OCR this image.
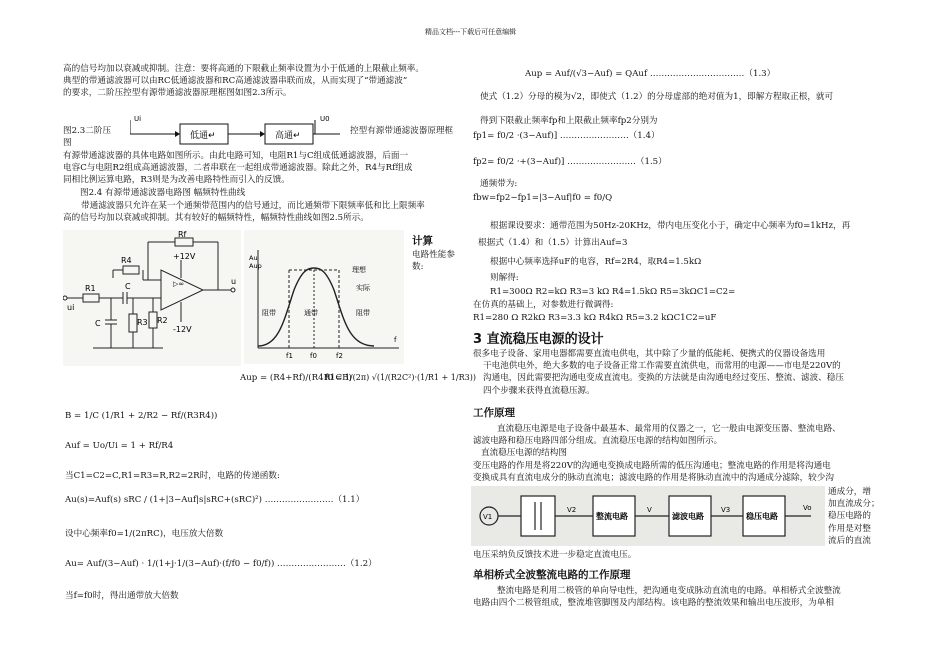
精品文档---下载后可任意编辑
高的信号均加以衰减或抑制。注意：要将高通的下限截止频率设置为小于低通的上限截止频率。
典型的带通滤波器可以由RC低通滤波器和RC高通滤波器串联而成，从而实现了“带通滤波”
的要求，二阶压控型有源带通滤波器原理框图如图2.3所示。
Ui
低通↵	高通↵
U0
图2.3二阶压
图
控型有源带通滤波器原理框
有源带通滤波器的具体电路如图所示。由此电路可知，电阻R1与C组成低通滤波器，后面一
电容C与电阻R2组成高通滤波器，二者串联在一起组成带通滤波器。除此之外，R4与Rf组成
同相比例运算电路，R3则是为改善电路特性而引入的反馈。
图2.4 有源带通滤波器电路图 幅频特性曲线
带通滤波器只允许在某一个通频带范围内的信号通过，而比通频带下限频率低和比上限频率
高的信号均加以衰减或抑制。其有较好的幅频特性，幅频特性曲线如图2.5所示。
Rf
+12V
-12V
R4
R1	C
C	R3 R2
ui
u
▷∞
Au
Aup	理想
实际
阻带	通带	阻带
f1 f0	f2
f
计算
电路性能参
数:
Aup = (R4+Rf)/(R4R1CB)
f0 = 1/(2π) √(1/(R2C²)·(1/R1 + 1/R3))
B = 1/C (1/R1 + 2/R2 − Rf/(R3R4))
Auf = Uo/Ui = 1 + Rf/R4
当C1=C2=C,R1=R3=R,R2=2R时，电路的传递函数:
Au(s)=Auf(s) sRC / (1+|3−Auf|s|sRC+(sRC)²) ……………………（1.1）
设中心频率f0=1/(2πRC)，电压放大倍数
Au= Auf/(3−Auf) · 1/(1+j·1/(3−Auf)·(f/f0 − f0/f)) ……………………（1.2）
当f=f0时，得出通带放大倍数
Aup = Auf/(√3−Auf) = QAuf ……………………………（1.3）
使式（1.2）分母的模为√2，即使式（1.2）的分母虚部的绝对值为1，即解方程取正根，就可
得到下限截止频率fp和上限截止频率fp2分别为
fp1= f0/2 ·(3−Auf)] ……………………（1.4）
fp2= f0/2 ·+(3−Auf)] ……………………（1.5）
通频带为:
fbw=fp2−fp1=|3−Auf|f0 = f0/Q
根据课设要求：通带范围为50Hz-20KHz，带内电压变化小于，确定中心频率为f0=1kHz，再
根据式（1.4）和（1.5）计算出Auf=3
根据中心频率选择uF的电容，Rf=2R4，取R4=1.5kΩ
则解得:
R1=300Ω R2=kΩ R3=3 kΩ R4=1.5kΩ R5=3kΩC1=C2=
在仿真的基础上，对参数进行微调得:
R1=280 Ω R2kΩ R3=3.3 kΩ R4kΩ R5=3.2 kΩC1C2=uF
3 直流稳压电源的设计
很多电子设备、家用电器都需要直流电供电，其中除了少量的低能耗、便携式的仪器设备选用
干电池供电外，绝大多数的电子设备正常工作需要直流供电，而常用的电源——市电是220V的
沟通电，因此需要把沟通电变成直流电。变换的方法就是由沟通电经过变压、整流、滤波、稳压
四个步骤来获得直流稳压源。
工作原理
直流稳压电源是电子设备中最基本、最常用的仪器之一，它一般由电源变压器、整流电路、
滤波电路和稳压电路四部分组成。直流稳压电源的结构如图所示。
直流稳压电源的结构图
变压电路的作用是将220V的沟通电变换成电路所需的低压沟通电；整流电路的作用是将沟通电
变换成具有直流电成分的脉动直流电；滤波电路的作用是将脉动直流中的沟通成分滤除，较少沟
V1
V2
整流电路
V
滤波电路
V3
稳压电路
Vo
通成分，增
加直流成分；
稳压电路的
作用是对整
流后的直流
电压采纳负反馈技术进一步稳定直流电压。
单相桥式全波整流电路的工作原理
整流电路是利用二极管的单向导电性，把沟通电变成脉动直流电的电路。单相桥式全波整流
电路由四个二极管组成，整流堆管脚图及内部结构。该电路的整流效果和输出电压波形，为单相
